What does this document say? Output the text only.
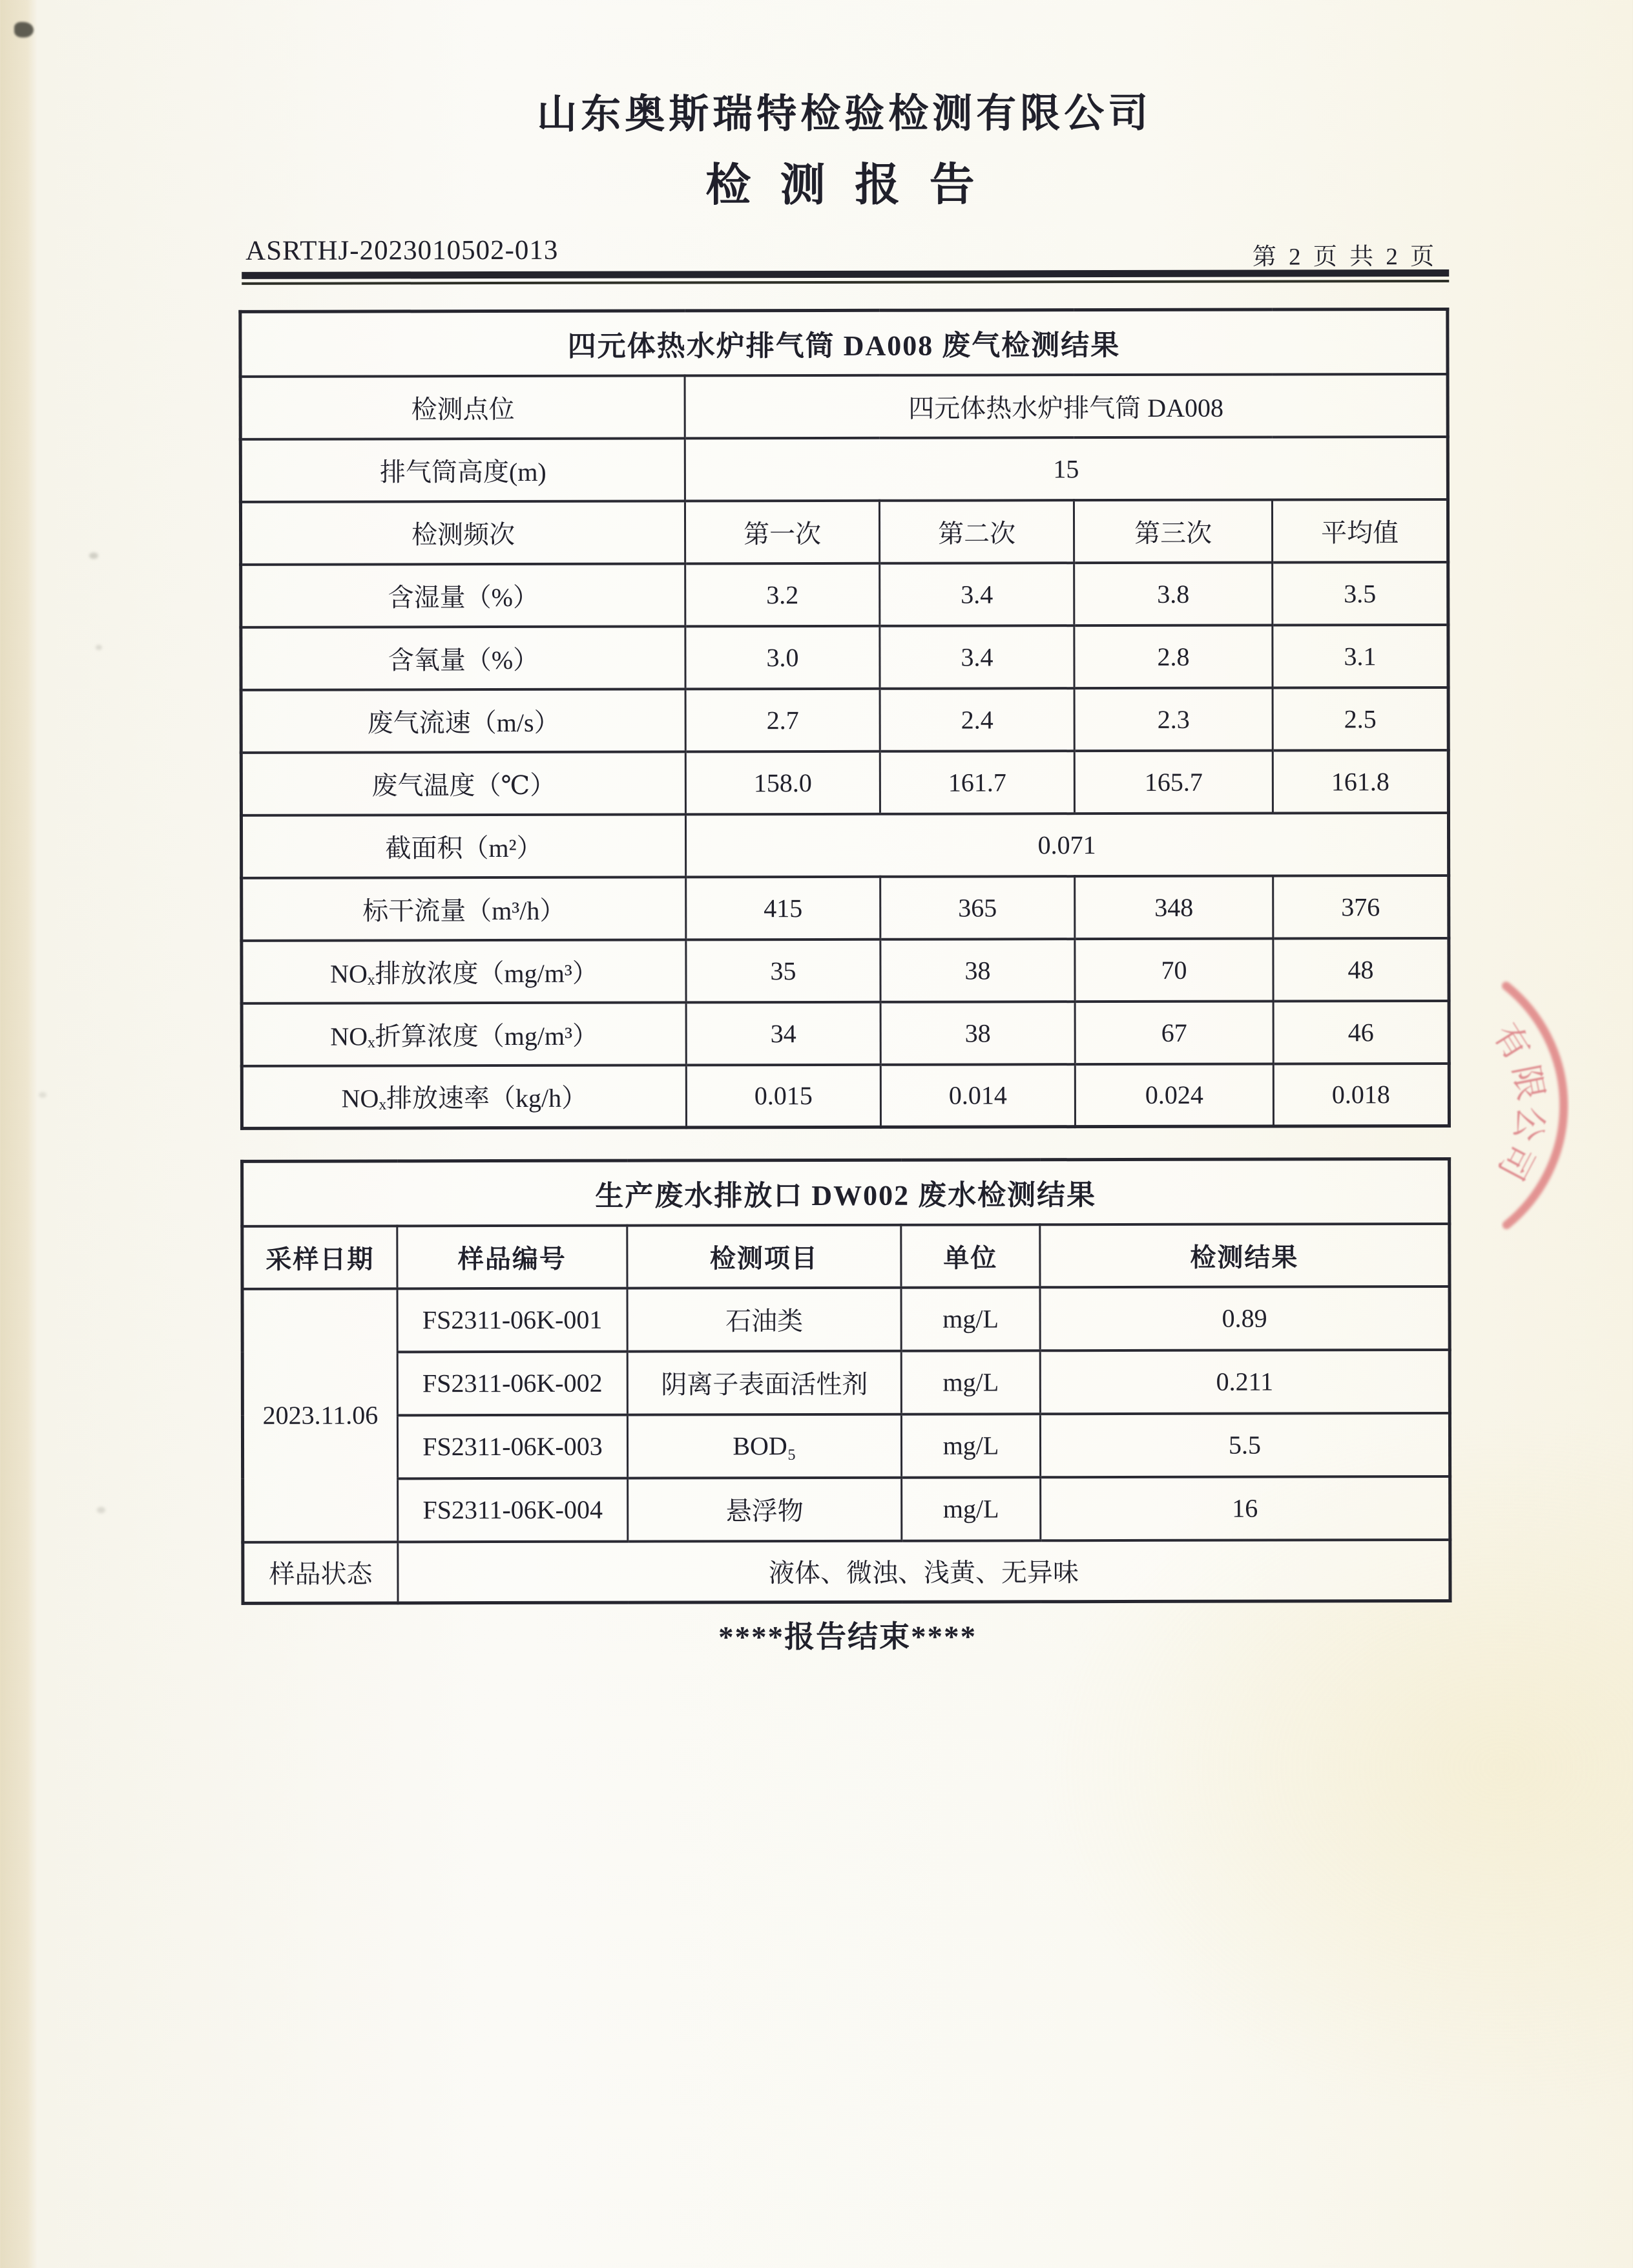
山东奥斯瑞特检验检测有限公司
检 测 报 告
ASRTHJ-2023010502-013	第 2 页 共 2 页
四元体热水炉排气筒 DA008 废气检测结果				
检测点位	四元体热水炉排气筒 DA008			
排气筒高度(m)	15			
检测频次	第一次	第二次	第三次	平均值
含湿量（%）	3.2	3.4	3.8	3.5
含氧量（%）	3.0	3.4	2.8	3.1
废气流速（m/s）	2.7	2.4	2.3	2.5
废气温度（℃）	158.0	161.7	165.7	161.8
截面积（m²）	0.071			
标干流量（m³/h）	415	365	348	376
NOₓ排放浓度（mg/m³）	35	38	70	48
NOₓ折算浓度（mg/m³）	34	38	67	46
NOₓ排放速率（kg/h）	0.015	0.014	0.024	0.018
生产废水排放口 DW002 废水检测结果				
采样日期	样品编号	检测项目	单位	检测结果
2023.11.06	FS2311-06K-001	石油类	mg/L	0.89
	FS2311-06K-002	阴离子表面活性剂	mg/L	0.211
	FS2311-06K-003	BOD₅	mg/L	5.5
	FS2311-06K-004	悬浮物	mg/L	16
样品状态	液体、微浊、浅黄、无异味			
****报告结束****
有
限
公
司
